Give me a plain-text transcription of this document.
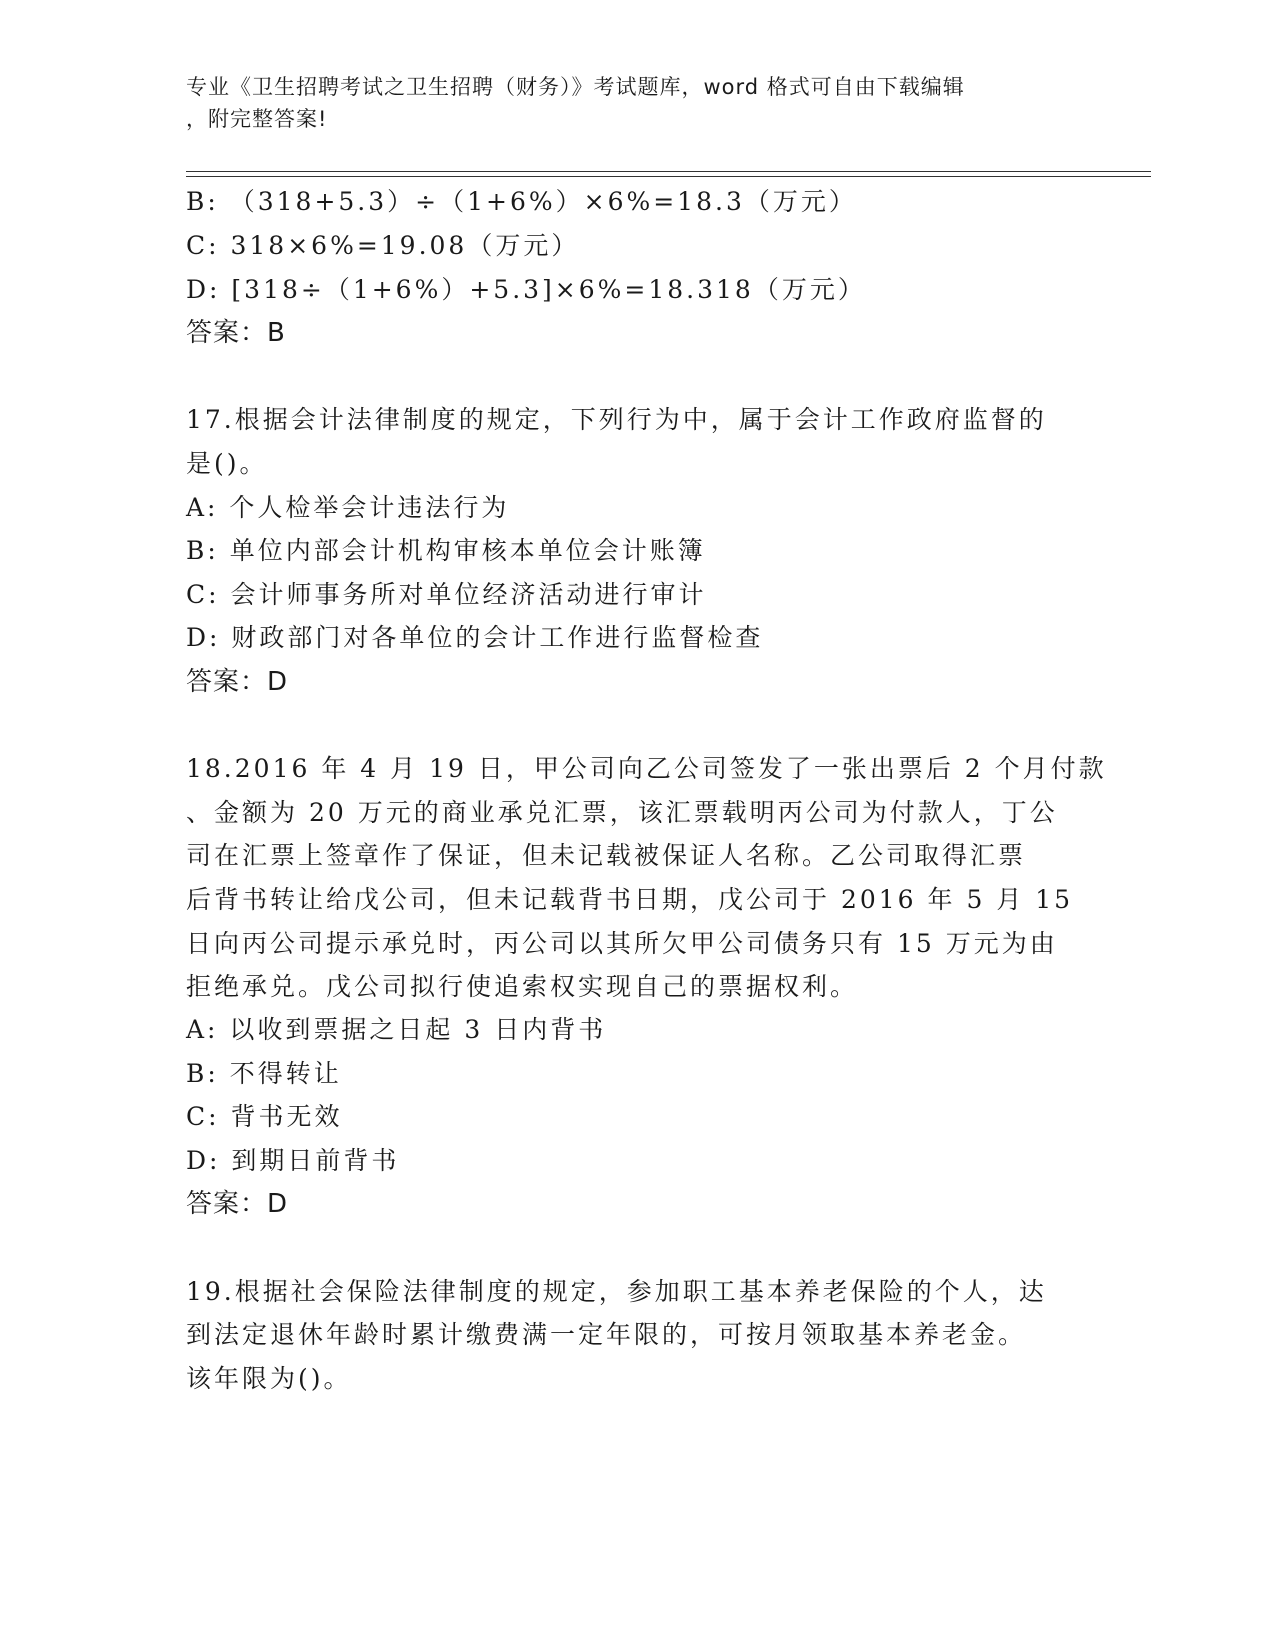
专业《卫生招聘考试之卫生招聘（财务）》考试题库，word 格式可自由下载编辑
，附完整答案!
B: （318+5.3）÷（1+6%）×6%=18.3（万元）
C: 318×6%=19.08（万元）
D: [318÷（1+6%）+5.3]×6%=18.318（万元）
答案：B
17.根据会计法律制度的规定，下列行为中，属于会计工作政府监督的
是()。
A: 个人检举会计违法行为
B: 单位内部会计机构审核本单位会计账簿
C: 会计师事务所对单位经济活动进行审计
D: 财政部门对各单位的会计工作进行监督检查
答案：D
18.2016 年 4 月 19 日，甲公司向乙公司签发了一张出票后 2 个月付款
、金额为 20 万元的商业承兑汇票，该汇票载明丙公司为付款人，丁公
司在汇票上签章作了保证，但未记载被保证人名称。乙公司取得汇票
后背书转让给戊公司，但未记载背书日期，戊公司于 2016 年 5 月 15
日向丙公司提示承兑时，丙公司以其所欠甲公司债务只有 15 万元为由
拒绝承兑。戊公司拟行使追索权实现自己的票据权利。
A: 以收到票据之日起 3 日内背书
B: 不得转让
C: 背书无效
D: 到期日前背书
答案：D
19.根据社会保险法律制度的规定，参加职工基本养老保险的个人，达
到法定退休年龄时累计缴费满一定年限的，可按月领取基本养老金。
该年限为()。
